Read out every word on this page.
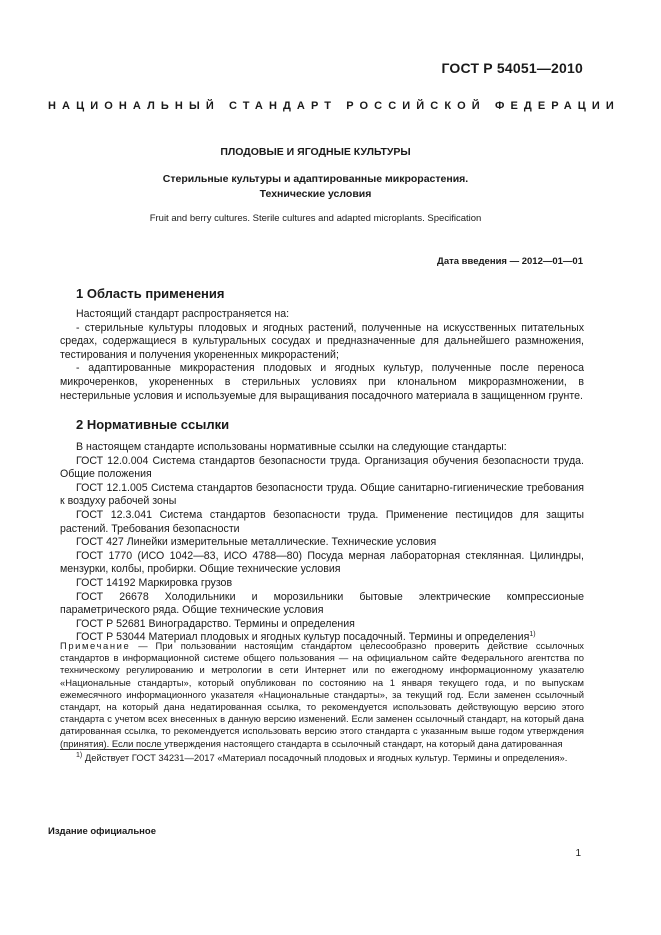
ГОСТ Р 54051—2010
НАЦИОНАЛЬНЫЙ СТАНДАРТ РОССИЙСКОЙ ФЕДЕРАЦИИ
ПЛОДОВЫЕ И ЯГОДНЫЕ КУЛЬТУРЫ
Стерильные культуры и адаптированные микрорастения.
Технические условия
Fruit and berry cultures. Sterile cultures and adapted microplants. Specification
Дата введения — 2012—01—01
1 Область применения

Настоящий стандарт распространяется на:

- стерильные культуры плодовых и ягодных растений, полученные на искусственных питательных средах, содержащиеся в культуральных сосудах и предназначенные для дальнейшего размножения, тестирования и получения укорененных микрорастений;

- адаптированные микрорастения плодовых и ягодных культур, полученные после переноса микрочеренков, укорененных в стерильных условиях при клональном микроразмножении, в нестерильные условия и используемые для выращивания посадочного материала в защищенном грунте.

2 Нормативные ссылки

В настоящем стандарте использованы нормативные ссылки на следующие стандарты:

ГОСТ 12.0.004 Система стандартов безопасности труда. Организация обучения безопасности труда. Общие положения

ГОСТ 12.1.005 Система стандартов безопасности труда. Общие санитарно-гигиенические требования к воздуху рабочей зоны

ГОСТ 12.3.041 Система стандартов безопасности труда. Применение пестицидов для защиты растений. Требования безопасности

ГОСТ 427 Линейки измерительные металлические. Технические условия

ГОСТ 1770 (ИСО 1042—83, ИСО 4788—80) Посуда мерная лабораторная стеклянная. Цилиндры, мензурки, колбы, пробирки. Общие технические условия

ГОСТ 14192 Маркировка грузов

ГОСТ 26678 Холодильники и морозильники бытовые электрические компрессионые параметрического ряда. Общие технические условия

ГОСТ Р 52681 Виноградарство. Термины и определения

ГОСТ Р 53044 Материал плодовых и ягодных культур посадочный. Термины и определения$^{1)}$

Примечание — При пользовании настоящим стандартом целесообразно проверить действие ссылочных стандартов в информационной системе общего пользования — на официальном сайте Федерального агентства по техническому регулированию и метрологии в сети Интернет или по ежегодному информационному указателю «Национальные стандарты», который опубликован по состоянию на 1 января текущего года, и по выпускам ежемесячного информационного указателя «Национальные стандарты», за текущий год. Если заменен ссылочный стандарт, на который дана недатированная ссылка, то рекомендуется использовать действующую версию этого стандарта с учетом всех внесенных в данную версию изменений. Если заменен ссылочный стандарт, на который дана датированная ссылка, то рекомендуется использовать версию этого стандарта с указанным выше годом утверждения (принятия). Если после утверждения настоящего стандарта в ссылочный стандарт, на который дана датированная
$^{1)}$ Действует ГОСТ 34231—2017 «Материал посадочный плодовых и ягодных культур. Термины и определения».
Издание официальное
1
